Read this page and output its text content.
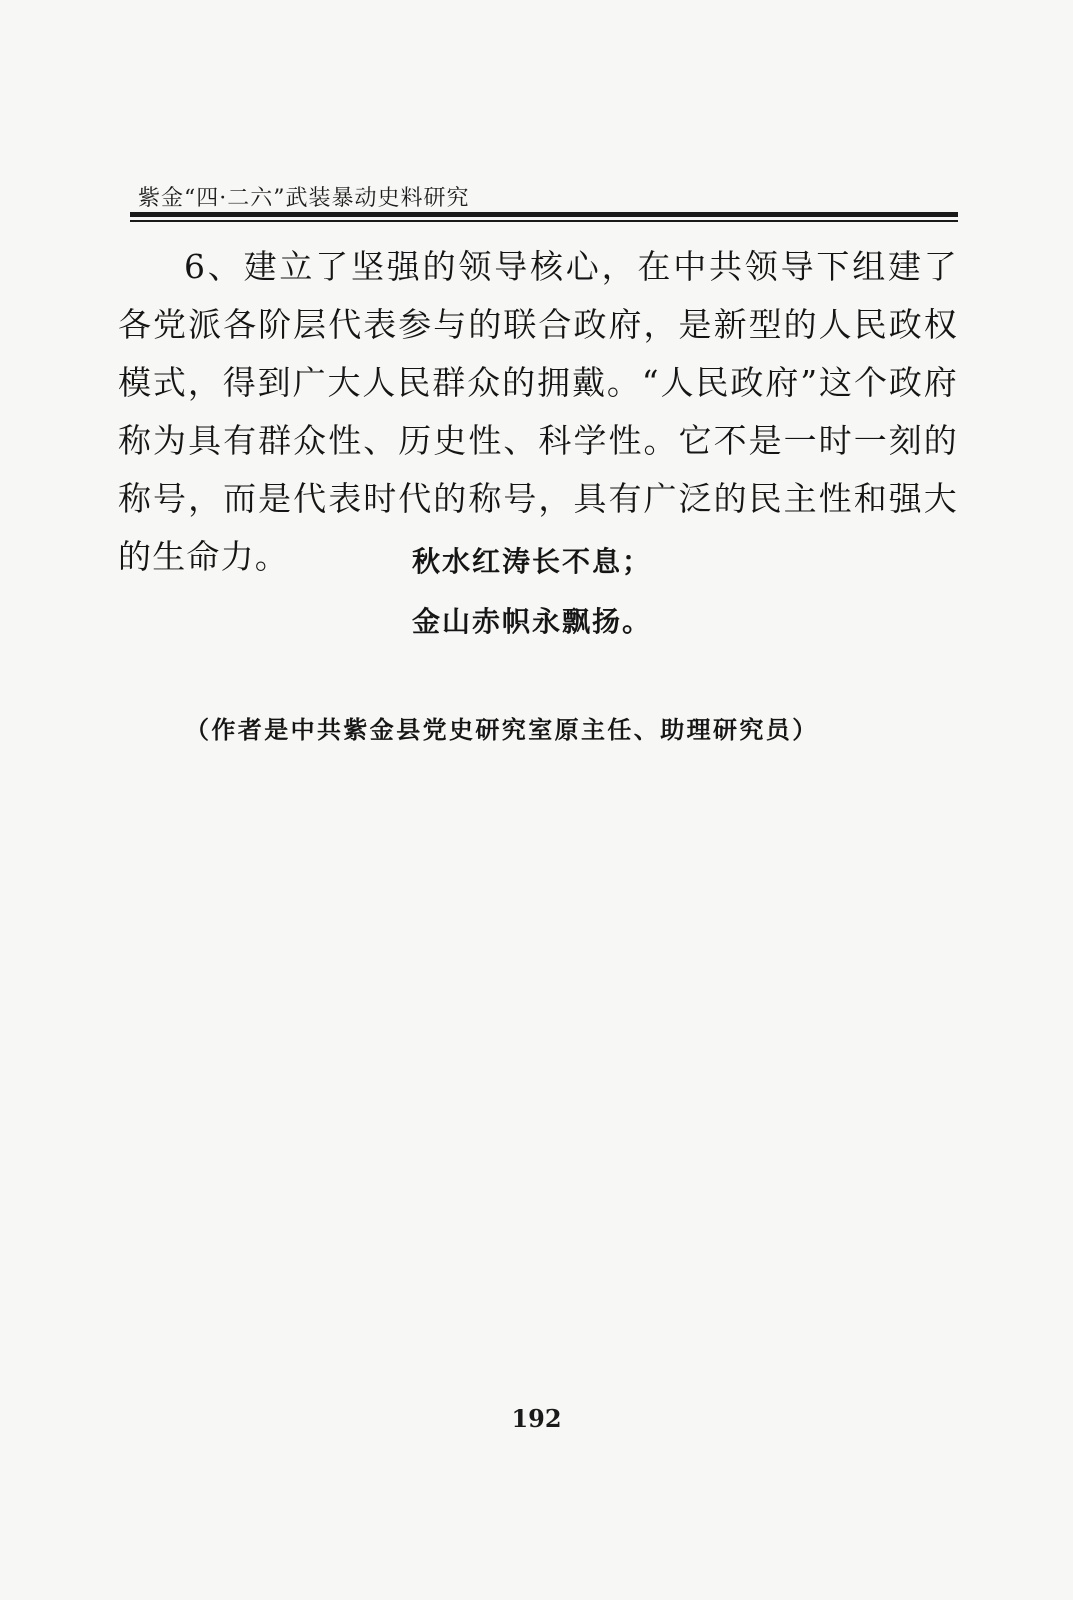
紫金“四·二六”武装暴动史料研究

6、建立了坚强的领导核心，在中共领导下组建了各党派各阶层代表参与的联合政府，是新型的人民政权模式，得到广大人民群众的拥戴。“人民政府”这个政府称为具有群众性、历史性、科学性。它不是一时一刻的称号，而是代表时代的称号，具有广泛的民主性和强大的生命力。	秋水红涛长不息；
金山赤帜永飘扬。
（作者是中共紫金县党史研究室原主任、助理研究员）
192
